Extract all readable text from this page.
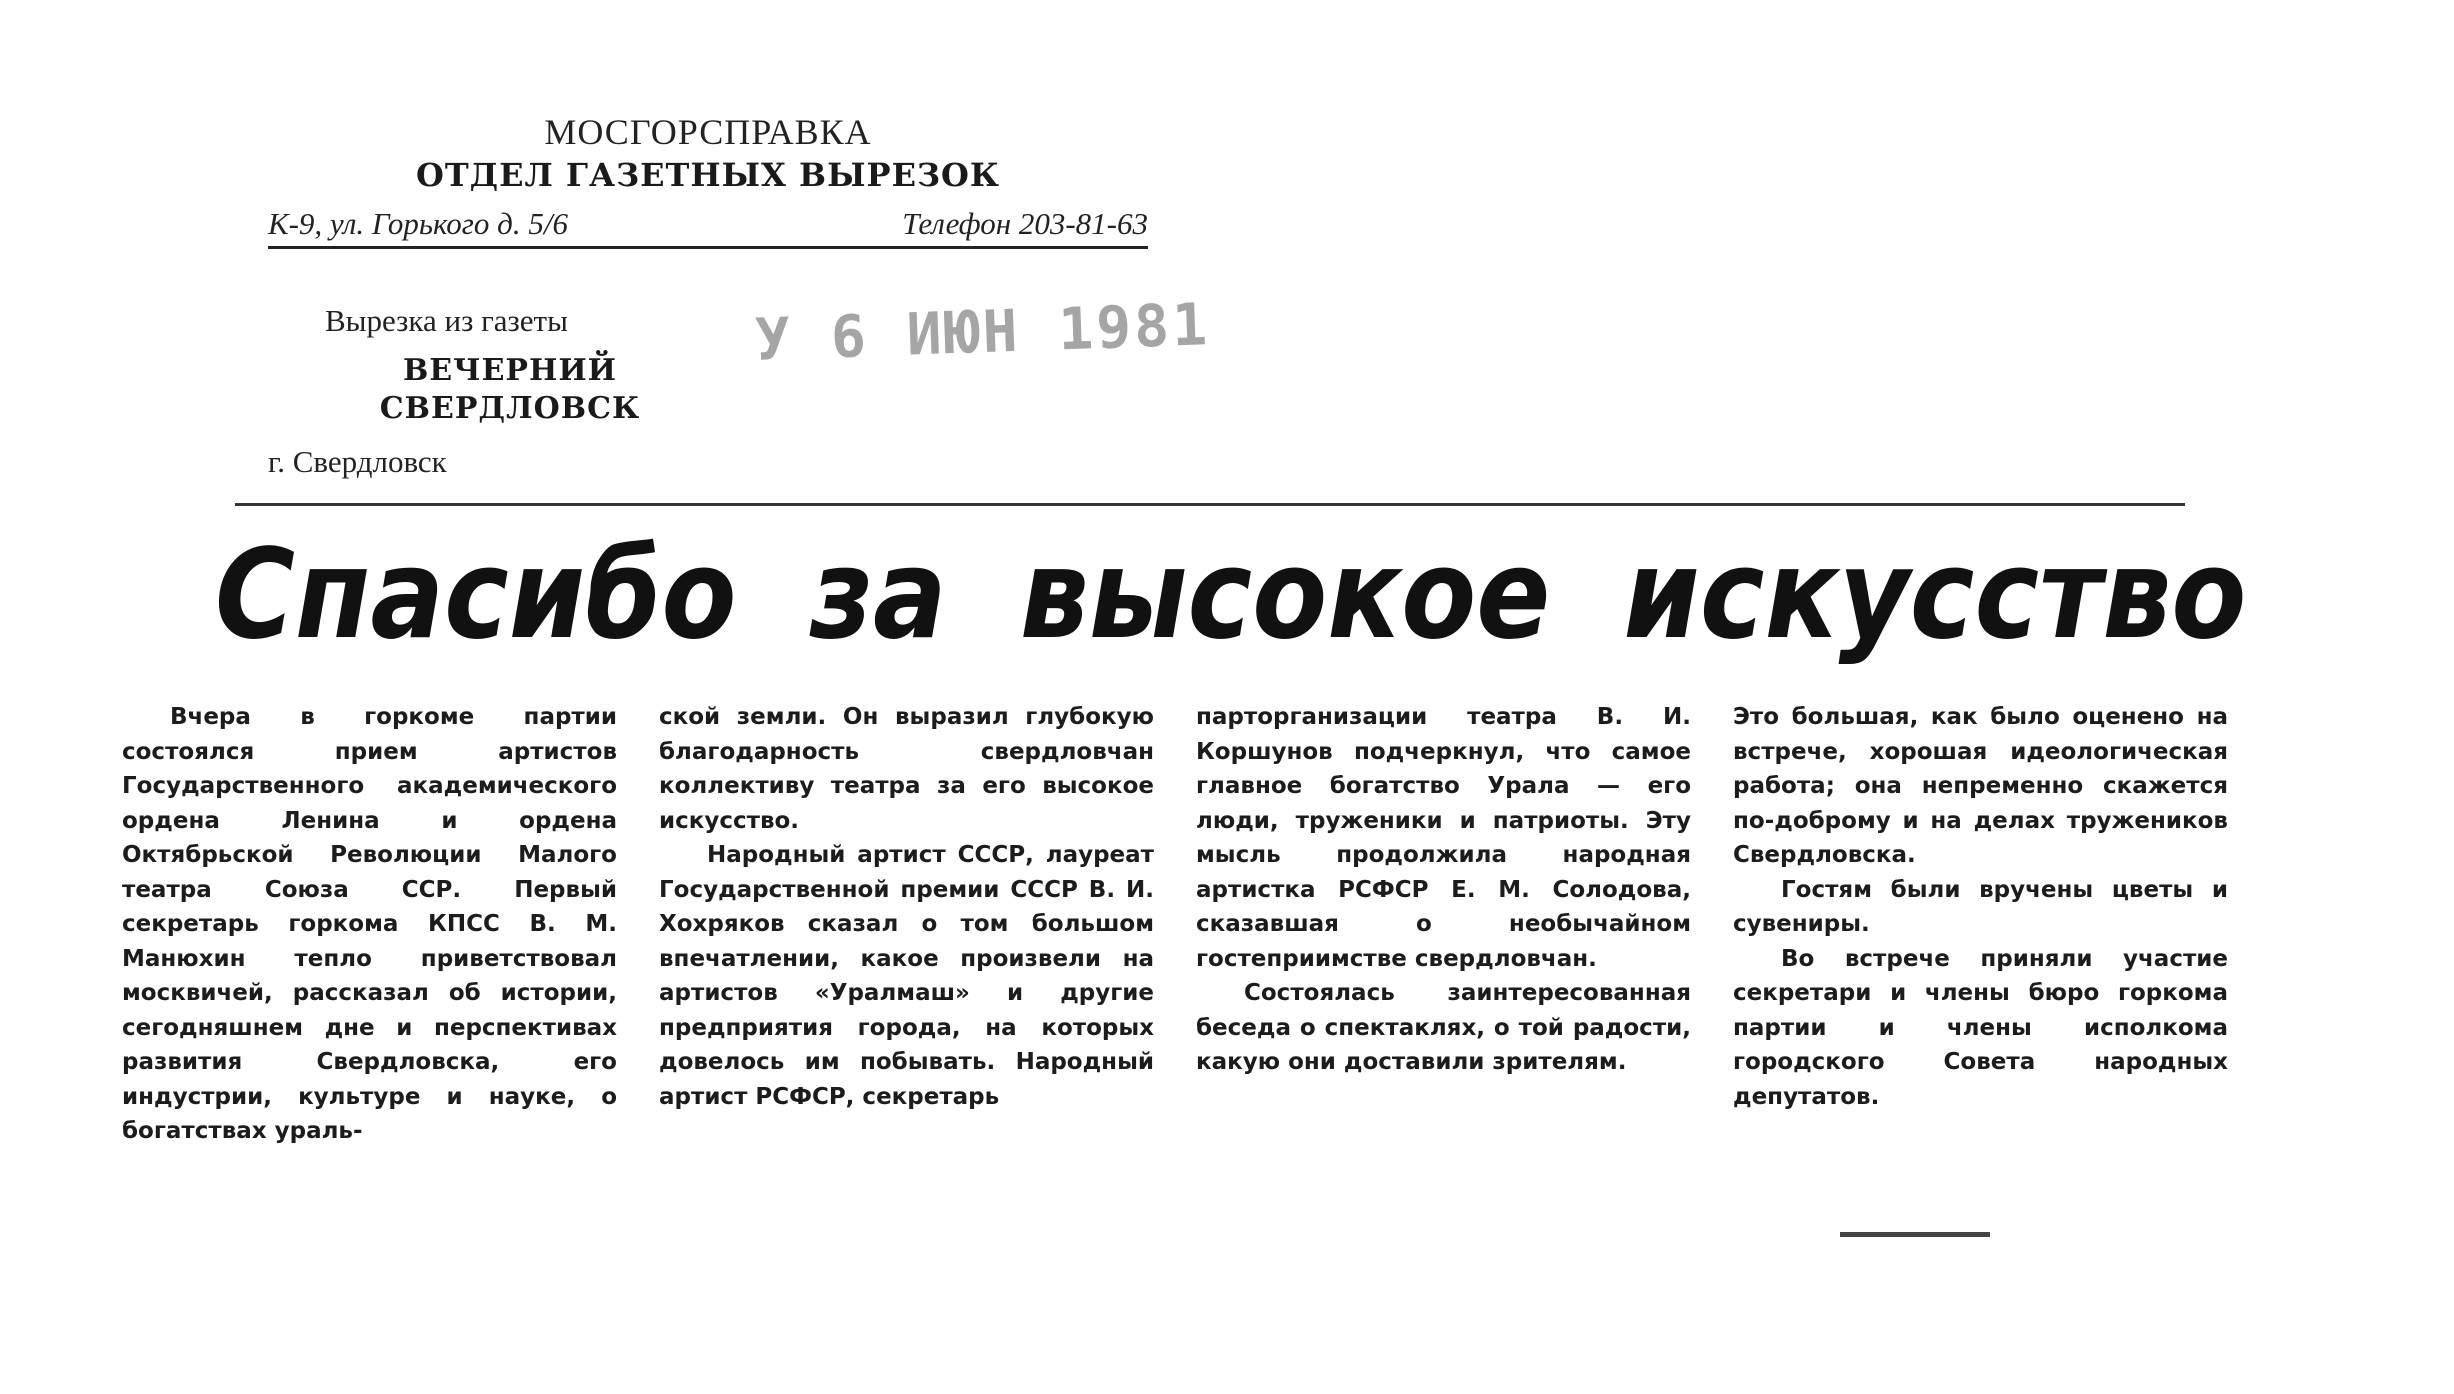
МОСГОРСПРАВКА
ОТДЕЛ ГАЗЕТНЫХ ВЫРЕЗОК
К-9, ул. Горького д. 5/6	Телефон 203-81-63
Вырезка из газеты
ВЕЧЕРНИЙ
СВЕРДЛОВСК
г. Свердловск
У 6 ИЮН 1981
Спасибо за высокое искусство

Вчера в горкоме партии состоялся прием артистов Государственного академического ордена Ленина и ордена Октябрьской Революции Малого театра Союза ССР. Первый секретарь горкома КПСС В. М. Манюхин тепло приветствовал москвичей, рассказал об истории, сегодняшнем дне и перспективах развития Свердловска, его индустрии, культуре и науке, о богатствах ураль-

ской земли. Он выразил глубокую благодарность свердловчан коллективу театра за его высокое искусство.

Народный артист СССР, лауреат Государственной премии СССР В. И. Хохряков сказал о том большом впечатлении, какое произвели на артистов «Уралмаш» и другие предприятия города, на которых довелось им побывать. Народный артист РСФСР, секретарь

парторганизации театра В. И. Коршунов подчеркнул, что самое главное богатство Урала — его люди, труженики и патриоты. Эту мысль продолжила народная артистка РСФСР Е. М. Солодова, сказавшая о необычайном гостеприимстве свердловчан.

Состоялась заинтересованная беседа о спектаклях, о той радости, какую они доставили зрителям.

Это большая, как было оценено на встрече, хорошая идеологическая работа; она непременно скажется по-доброму и на делах тружеников Свердловска.

Гостям были вручены цветы и сувениры.

Во встрече приняли участие секретари и члены бюро горкома партии и члены исполкома городского Совета народных депутатов.
